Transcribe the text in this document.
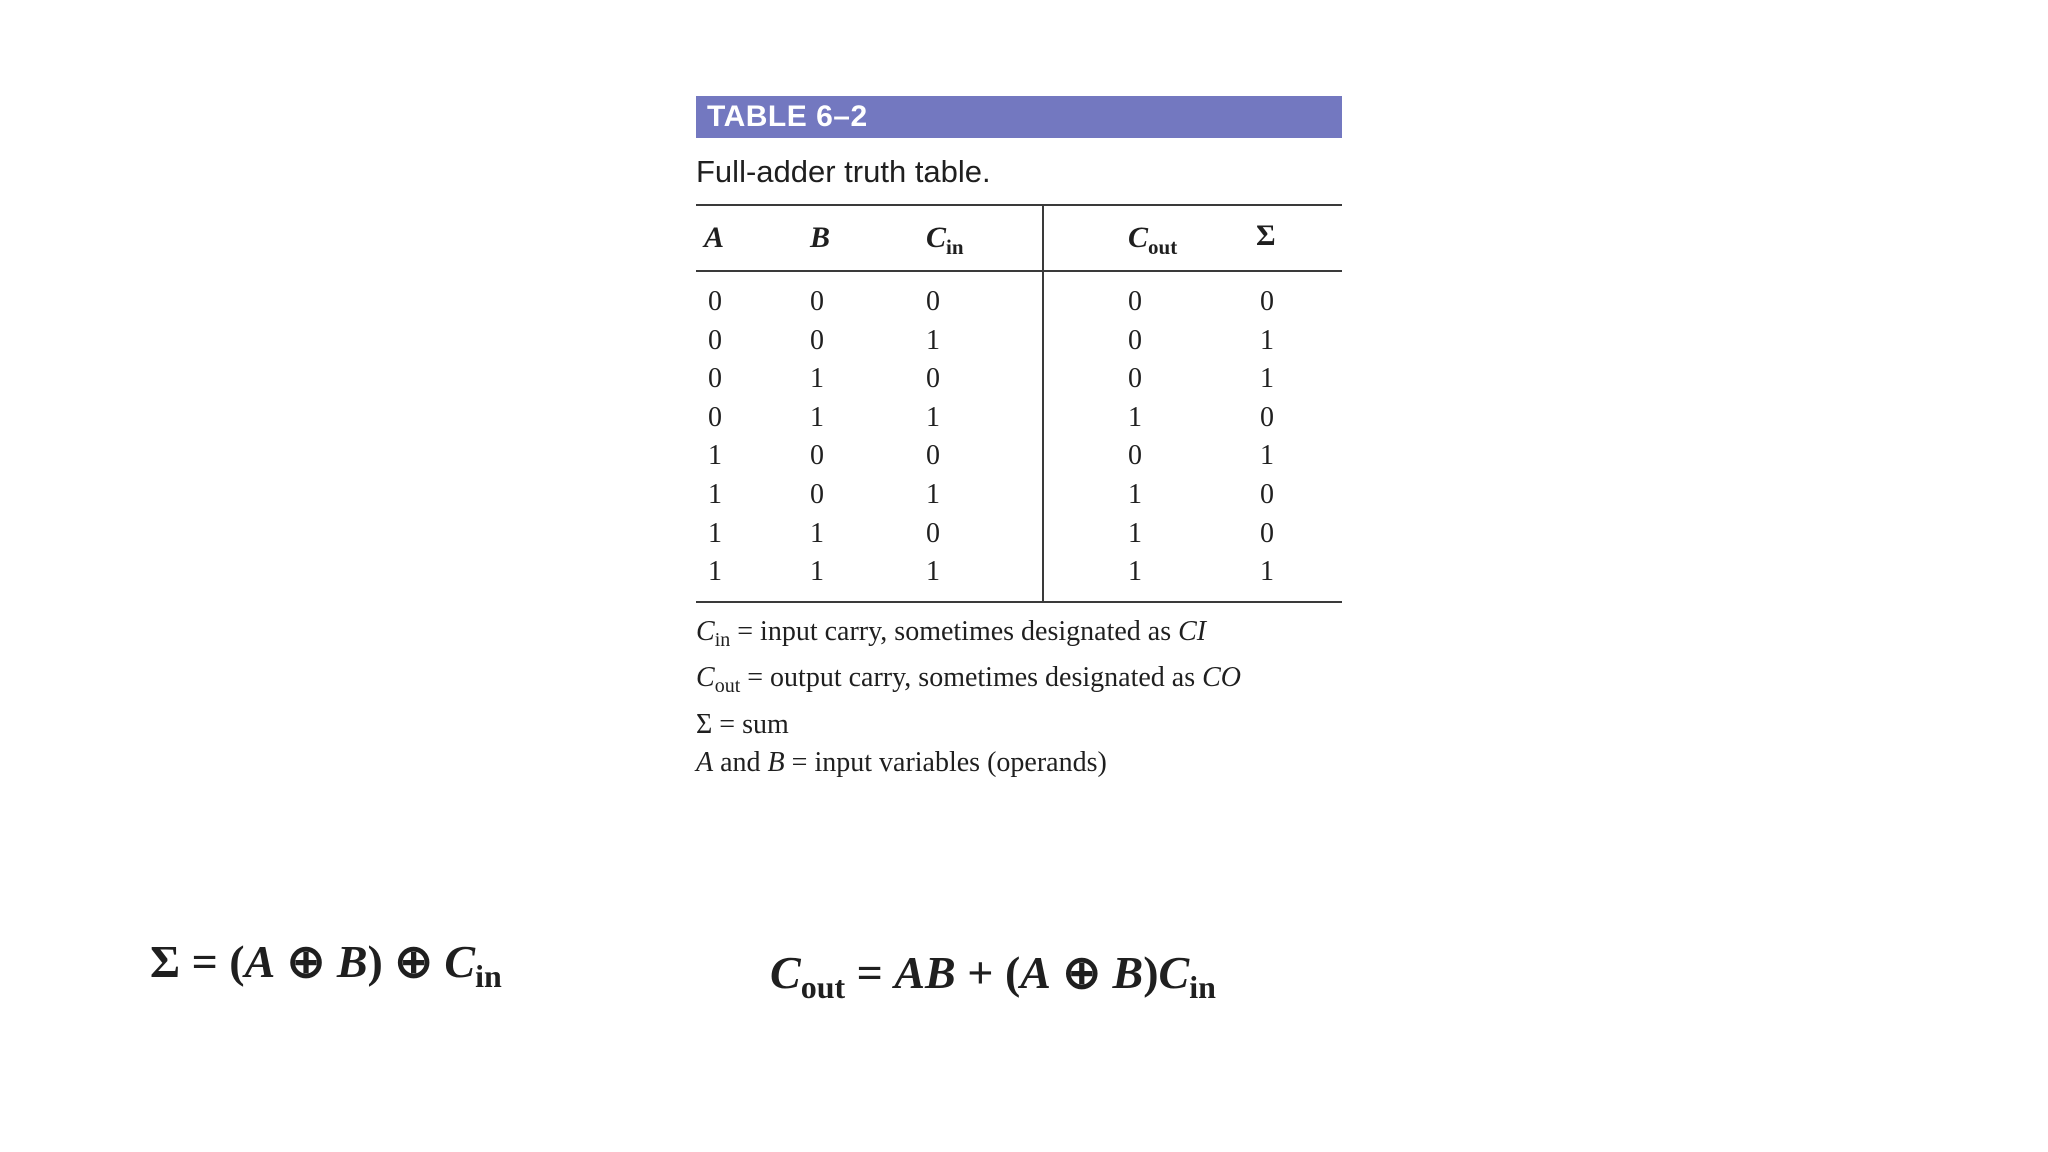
TABLE 6–2
Full-adder truth table.
A	B	$C_{in}$	$C_{out}$	Σ
0	0	0	0	0
0	0	1	0	1
0	1	0	0	1
0	1	1	1	0
1	0	0	0	1
1	0	1	1	0
1	1	0	1	0
1	1	1	1	1
$C_{in}$ = input carry, sometimes designated as CI
$C_{out}$ = output carry, sometimes designated as CO
Σ = sum
A and B = input variables (operands)
Σ = (A ⊕ B) ⊕ $C_{in}$	$C_{out}$ = AB + (A ⊕ $B)C_{in}$
